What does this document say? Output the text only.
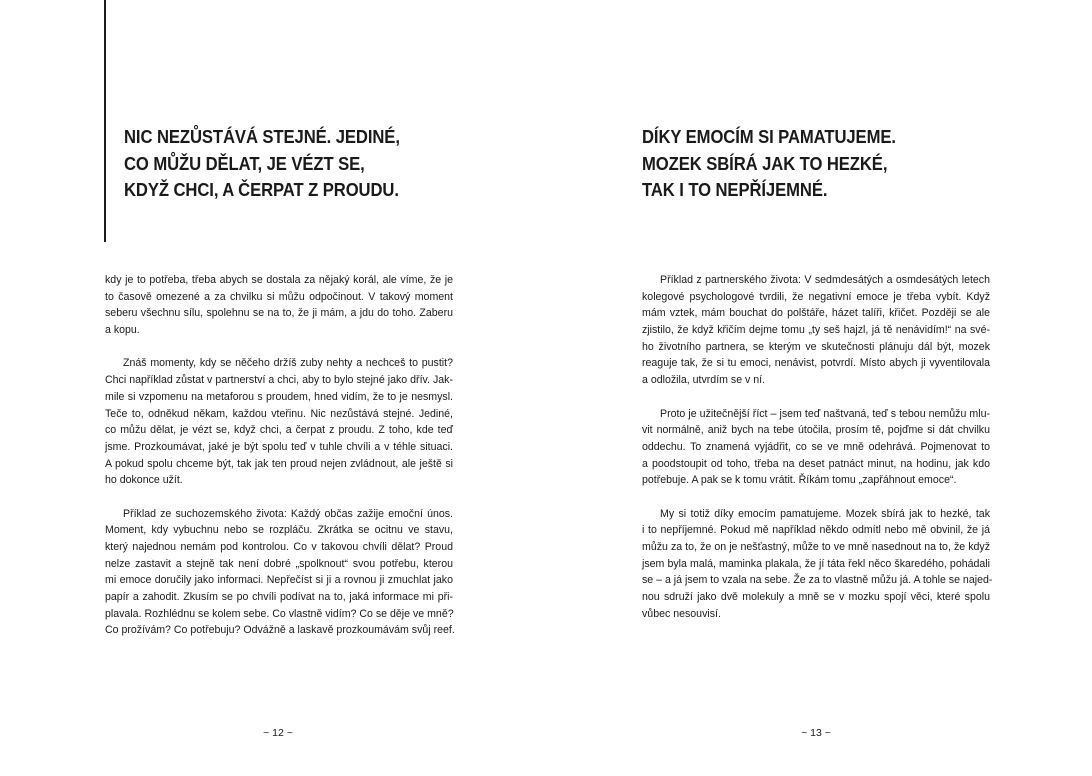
NIC NEZŮSTÁVÁ STEJNÉ. JEDINÉ,
CO MŮŽU DĚLAT, JE VÉZT SE,
KDYŽ CHCI, A ČERPAT Z PROUDU.
kdy je to potřeba, třeba abych se dostala za nějaký korál, ale víme, že je
to časově omezené a za chvilku si můžu odpočinout. V takový moment
seberu všechnu sílu, spolehnu se na to, že ji mám, a jdu do toho. Zaberu
a kopu.
Znáš momenty, kdy se něčeho držíš zuby nehty a nechceš to pustit?
Chci například zůstat v partnerství a chci, aby to bylo stejné jako dřív. Jak-
mile si vzpomenu na metaforou s proudem, hned vidím, že to je nesmysl.
Teče to, odněkud někam, každou vteřinu. Nic nezůstává stejné. Jediné,
co můžu dělat, je vézt se, když chci, a čerpat z proudu. Z toho, kde teď
jsme. Prozkoumávat, jaké je být spolu teď v tuhle chvíli a v téhle situaci.
A pokud spolu chceme být, tak jak ten proud nejen zvládnout, ale ještě si
ho dokonce užít.
Příklad ze suchozemského života: Každý občas zažije emoční únos.
Moment, kdy vybuchnu nebo se rozpláču. Zkrátka se ocitnu ve stavu,
který najednou nemám pod kontrolou. Co v takovou chvíli dělat? Proud
nelze zastavit a stejně tak není dobré „spolknout“ svou potřebu, kterou
mi emoce doručily jako informaci. Nepřečíst si ji a rovnou ji zmuchlat jako
papír a zahodit. Zkusím se po chvíli podívat na to, jaká informace mi při-
plavala. Rozhlédnu se kolem sebe. Co vlastně vidím? Co se děje ve mně?
Co prožívám? Co potřebuju? Odvážně a laskavě prozkoumávám svůj reef.
~ 12 ~
DÍKY EMOCÍM SI PAMATUJEME.
MOZEK SBÍRÁ JAK TO HEZKÉ,
TAK I TO NEPŘÍJEMNÉ.
Příklad z partnerského života: V sedmdesátých a osmdesátých letech
kolegové psychologové tvrdili, že negativní emoce je třeba vybít. Když
mám vztek, mám bouchat do polštáře, házet talíři, křičet. Později se ale
zjistilo, že když křičím dejme tomu „ty seš hajzl, já tě nenávidím!“ na své-
ho životního partnera, se kterým ve skutečnosti plánuju dál být, mozek
reaguje tak, že si tu emoci, nenávist, potvrdí. Místo abych ji vyventilovala
a odložila, utvrdím se v ní.
Proto je užitečnější říct – jsem teď naštvaná, teď s tebou nemůžu mlu-
vit normálně, aniž bych na tebe útočila, prosím tě, pojďme si dát chvilku
oddechu. To znamená vyjádřit, co se ve mně odehrává. Pojmenovat to
a poodstoupit od toho, třeba na deset patnáct minut, na hodinu, jak kdo
potřebuje. A pak se k tomu vrátit. Říkám tomu „zapřáhnout emoce“.
My si totiž díky emocím pamatujeme. Mozek sbírá jak to hezké, tak
i to nepříjemné. Pokud mě například někdo odmítl nebo mě obvinil, že já
můžu za to, že on je nešťastný, může to ve mně nasednout na to, že když
jsem byla malá, maminka plakala, že jí táta řekl něco škaredého, pohádali
se – a já jsem to vzala na sebe. Že za to vlastně můžu já. A tohle se najed-
nou sdruží jako dvě molekuly a mně se v mozku spojí věci, které spolu
vůbec nesouvisí.
~ 13 ~
